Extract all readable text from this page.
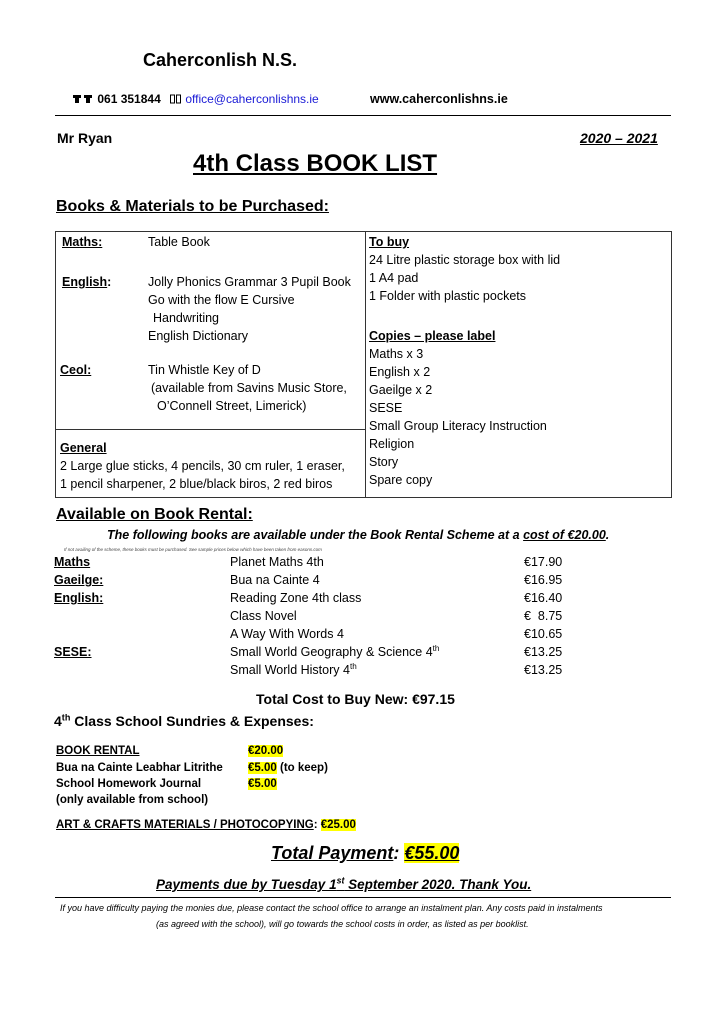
Caherconlish N.S.
061 351844	office@caherconlishns.ie	www.caherconlishns.ie
Mr Ryan	2020 – 2021
4th Class BOOK LIST
Books & Materials to be Purchased:
Maths:	Table Book
English:	Jolly Phonics Grammar 3 Pupil Book
Go with the flow E Cursive
Handwriting
English Dictionary
Ceol:	Tin Whistle Key of D
(available from Savins Music Store,
O’Connell Street, Limerick)
General
2 Large glue sticks, 4 pencils, 30 cm ruler, 1 eraser,
1 pencil sharpener, 2 blue/black biros, 2 red biros
To buy
24 Litre plastic storage box with lid
1 A4 pad
1 Folder with plastic pockets
Copies – please label
Maths x 3
English x 2
Gaeilge x 2
SESE
Small Group Literacy Instruction
Religion
Story
Spare copy
Available on Book Rental:
The following books are available under the Book Rental Scheme at a cost of €20.00.
If not availing of the scheme, these books must be purchased. See sample prices below which have been taken from easons.com
Maths	Planet Maths 4th	€17.90
Gaeilge:	Bua na Cainte 4	€16.95
English:	Reading Zone 4th class	€16.40
Class Novel	€  8.75
A Way With Words 4	€10.65
SESE:	Small World Geography & Science 4th	€13.25
Small World History 4th	€13.25
Total Cost to Buy New: €97.15
4th Class School Sundries & Expenses:
BOOK RENTAL	€20.00
Bua na Cainte Leabhar Litrithe €5.00 (to keep)
School Homework Journal	€5.00
(only available from school)
ART & CRAFTS MATERIALS / PHOTOCOPYING: €25.00
Total Payment: €55.00
Payments due by Tuesday 1st September 2020. Thank You.
If you have difficulty paying the monies due, please contact the school office to arrange an instalment plan. Any costs paid in instalments
(as agreed with the school), will go towards the school costs in order, as listed as per booklist.
